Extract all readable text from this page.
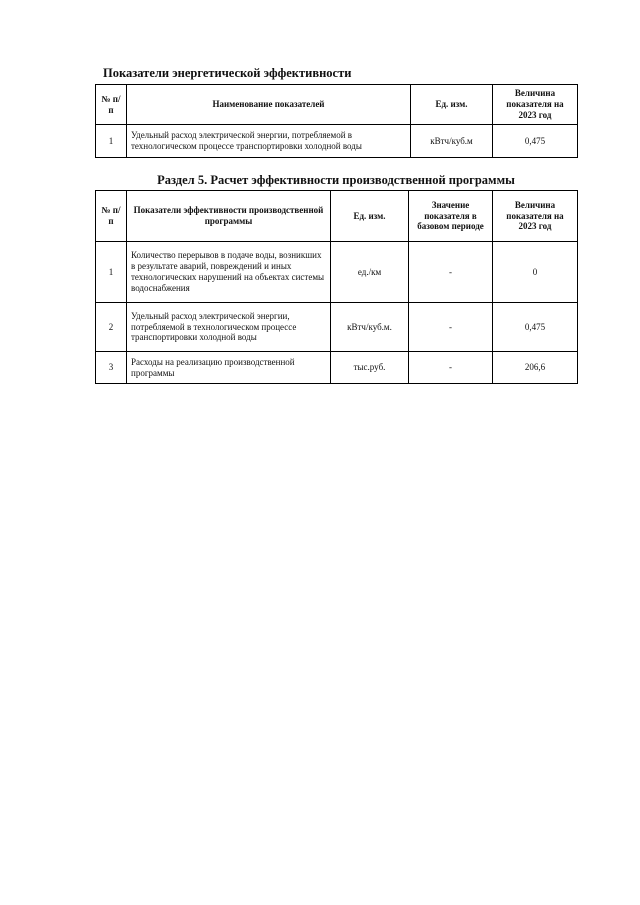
Показатели энергетической эффективности
№ п/п	Наименование показателей	Ед. изм.	Величина показателя на 2023 год
1	Удельный расход электрической энергии, потребляемой в технологическом процессе транспортировки холодной воды	кВтч/куб.м	0,475
Раздел 5. Расчет эффективности производственной программы
№ п/п	Показатели эффективности производственной программы	Ед. изм.	Значение показателя в базовом периоде	Величина показателя на 2023 год
1	Количество перерывов в подаче воды, возникших в результате аварий, повреждений и иных технологических нарушений на объектах системы водоснабжения	ед./км	-	0
2	Удельный расход электрической энергии, потребляемой в технологическом процессе транспортировки холодной воды	кВтч/куб.м.	-	0,475
3	Расходы на реализацию производственной программы	тыс.руб.	-	206,6
